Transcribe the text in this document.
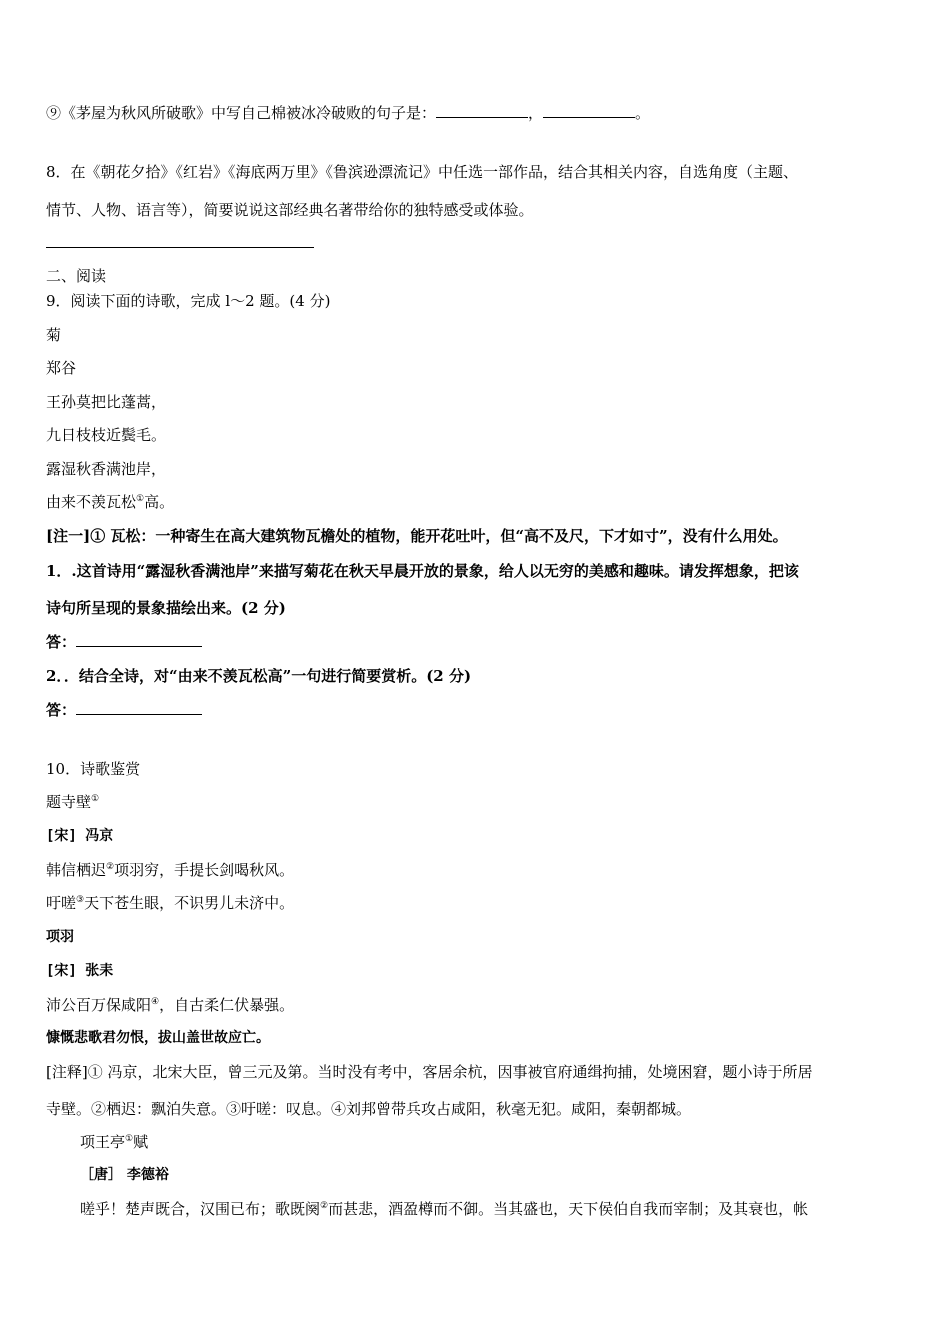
⑨《茅屋为秋风所破歌》中写自己棉被冰冷破败的句子是：	，	。
8．在《朝花夕拾》《红岩》《海底两万里》《鲁滨逊漂流记》中任选一部作品，结合其相关内容，自选角度（主题、
情节、人物、语言等），简要说说这部经典名著带给你的独特感受或体验。
二、阅读
9．阅读下面的诗歌，完成 l～2 题。(4 分)
菊
郑谷
王孙莫把比蓬蒿，
九日枝枝近鬓毛。
露湿秋香满池岸，
由来不羡瓦松①高。
[注一]① 瓦松：一种寄生在高大建筑物瓦檐处的植物，能开花吐叶，但“高不及尺，下才如寸”，没有什么用处。
1．.这首诗用“露湿秋香满池岸”来描写菊花在秋天早晨开放的景象，给人以无穷的美感和趣味。请发挥想象，把该
诗句所呈现的景象描绘出来。(2 分)
答：
2．．结合全诗，对“由来不羡瓦松高”一句进行简要赏析。(2 分)
答：
10．诗歌鉴赏
题寺壁①
[宋] 冯京
韩信栖迟②项羽穷，手提长剑喝秋风。
吁嗟③天下苍生眼，不识男儿未济中。
项羽
[宋] 张耒
沛公百万保咸阳④，自古柔仁伏暴强。
慷慨悲歌君勿恨，拔山盖世故应亡。
[注释]① 冯京，北宋大臣，曾三元及第。当时没有考中，客居余杭，因事被官府通缉拘捕，处境困窘，题小诗于所居
寺壁。②栖迟：飘泊失意。③吁嗟：叹息。④刘邦曾带兵攻占咸阳，秋毫无犯。咸阳，秦朝都城。
项王亭①赋
［唐］ 李德裕
嗟乎！楚声既合，汉围已布；歌既阕②而甚悲，酒盈樽而不御。当其盛也，天下侯伯自我而宰制；及其衰也，帐
